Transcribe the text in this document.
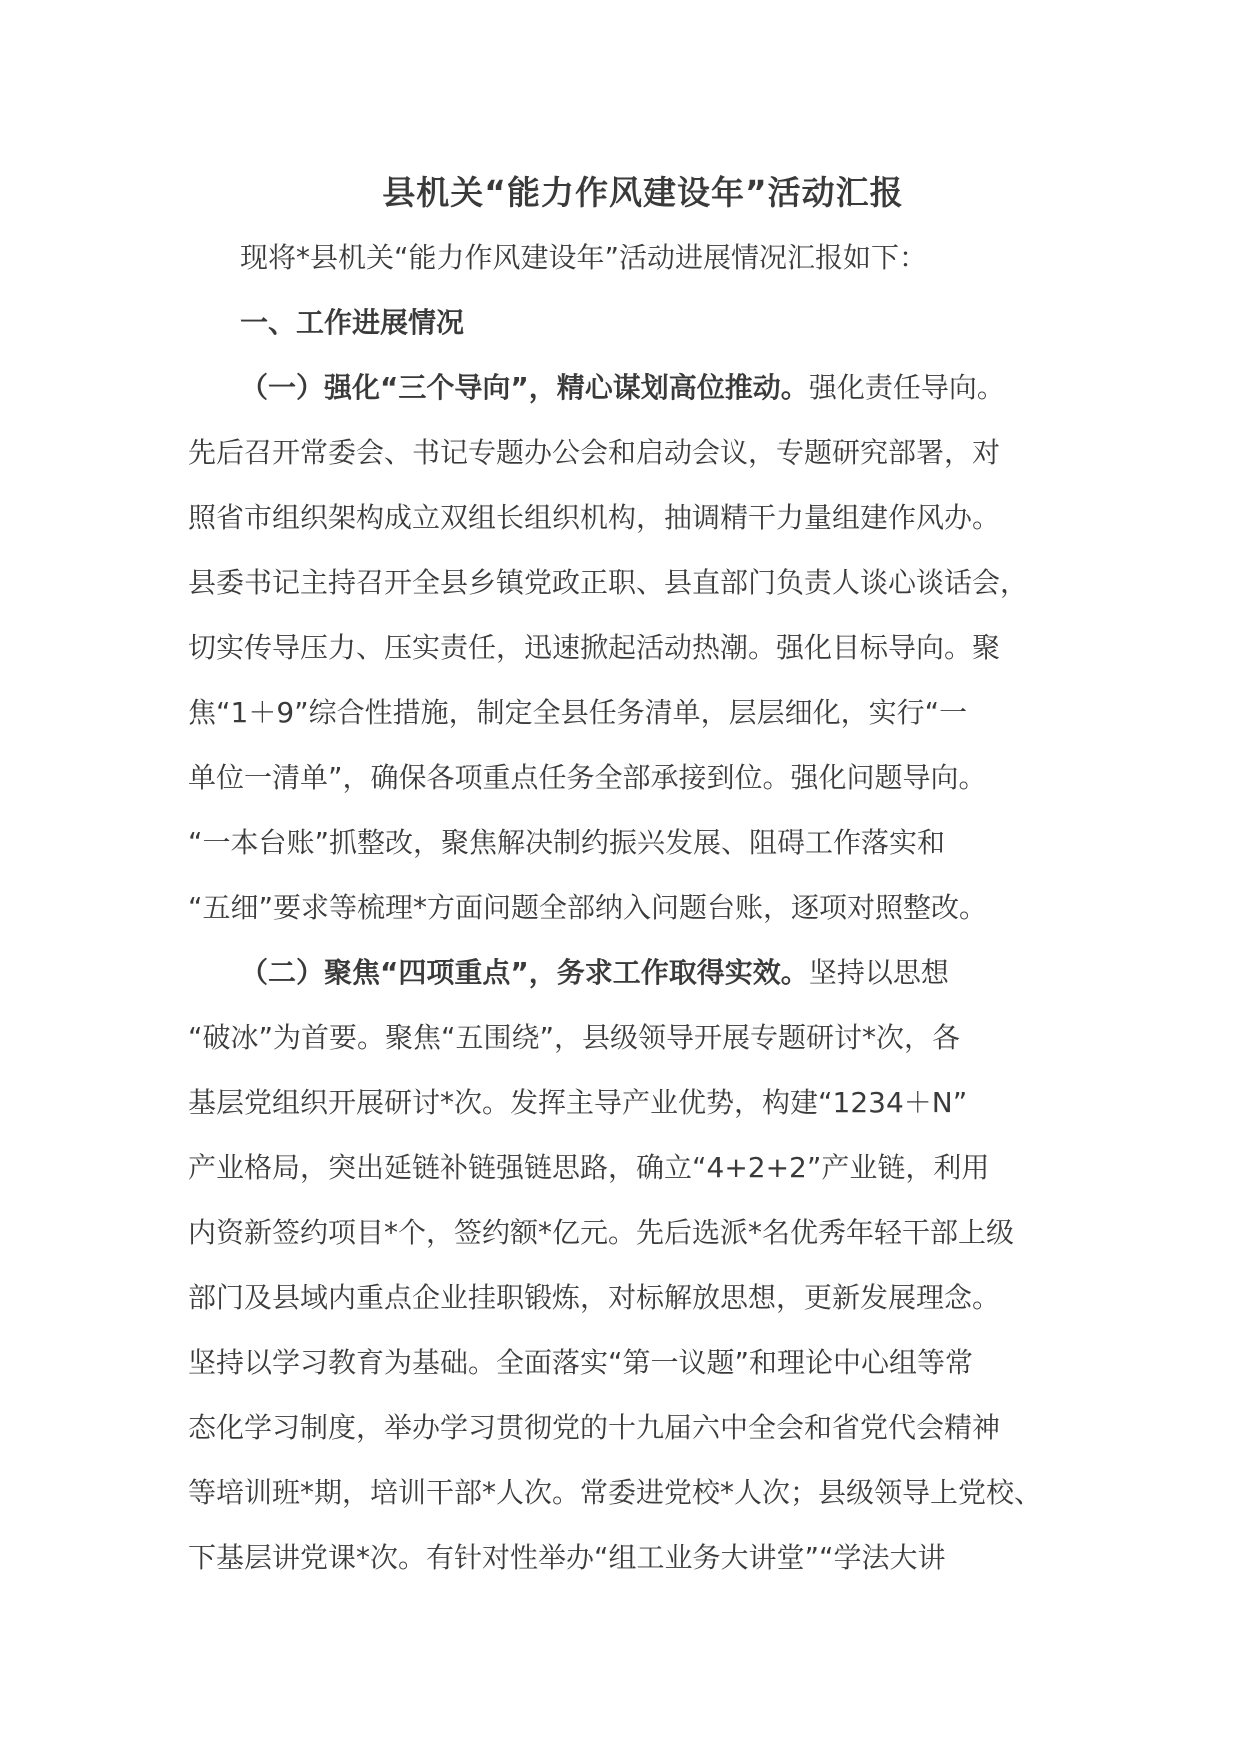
县机关“能力作风建设年”活动汇报

现将*县机关“能力作风建设年”活动进展情况汇报如下：

一、工作进展情况

（一）强化“三个导向”，精心谋划高位推动。强化责任导向。
先后召开常委会、书记专题办公会和启动会议，专题研究部署，对
照省市组织架构成立双组长组织机构，抽调精干力量组建作风办。
县委书记主持召开全县乡镇党政正职、县直部门负责人谈心谈话会，
切实传导压力、压实责任，迅速掀起活动热潮。强化目标导向。聚
焦“1＋9”综合性措施，制定全县任务清单，层层细化，实行“一
单位一清单”，确保各项重点任务全部承接到位。强化问题导向。
“一本台账”抓整改，聚焦解决制约振兴发展、阻碍工作落实和
“五细”要求等梳理*方面问题全部纳入问题台账，逐项对照整改。
（二）聚焦“四项重点”，务求工作取得实效。坚持以思想
“破冰”为首要。聚焦“五围绕”，县级领导开展专题研讨*次，各
基层党组织开展研讨*次。发挥主导产业优势，构建“1234＋N”
产业格局，突出延链补链强链思路，确立“4+2+2”产业链，利用
内资新签约项目*个，签约额*亿元。先后选派*名优秀年轻干部上级
部门及县域内重点企业挂职锻炼，对标解放思想，更新发展理念。
坚持以学习教育为基础。全面落实“第一议题”和理论中心组等常
态化学习制度，举办学习贯彻党的十九届六中全会和省党代会精神
等培训班*期，培训干部*人次。常委进党校*人次；县级领导上党校、
下基层讲党课*次。有针对性举办“组工业务大讲堂”“学法大讲
